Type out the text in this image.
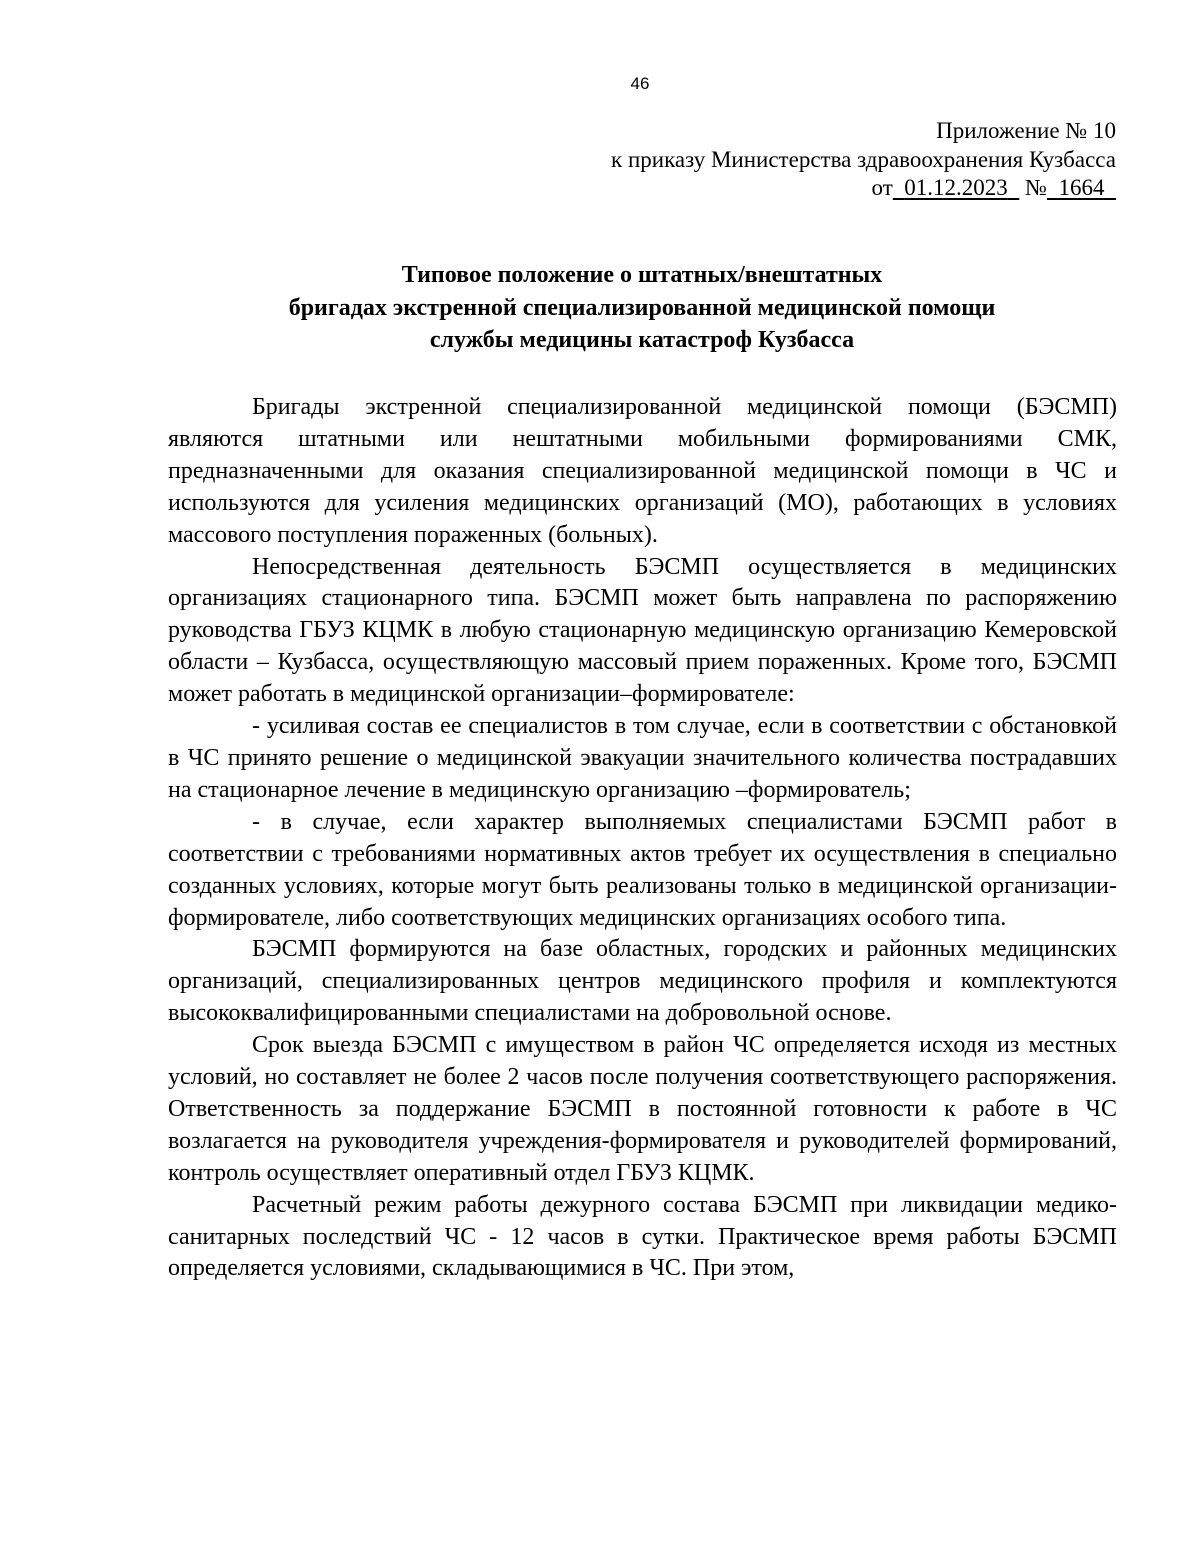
46
Приложение № 10
к приказу Министерства здравоохранения Кузбасса
от 01.12.2023 № 1664
Типовое положение о штатных/внештатных
бригадах экстренной специализированной медицинской помощи
службы медицины катастроф Кузбасса

Бригады экстренной специализированной медицинской помощи (БЭСМП) являются штатными или нештатными мобильными формированиями СМК, предназначенными для оказания специализированной медицинской помощи в ЧС и используются для усиления медицинских организаций (МО), работающих в условиях массового поступления пораженных (больных).

Непосредственная деятельность БЭСМП осуществляется в медицинских организациях стационарного типа. БЭСМП может быть направлена по распоряжению руководства ГБУЗ КЦМК в любую стационарную медицинскую организацию Кемеровской области – Кузбасса, осуществляющую массовый прием пораженных. Кроме того, БЭСМП может работать в медицинской организации–формирователе:

- усиливая состав ее специалистов в том случае, если в соответствии с обстановкой в ЧС принято решение о медицинской эвакуации значительного количества пострадавших на стационарное лечение в медицинскую организацию –формирователь;

- в случае, если характер выполняемых специалистами БЭСМП работ в соответствии с требованиями нормативных актов требует их осуществления в специально созданных условиях, которые могут быть реализованы только в медицинской организации-формирователе, либо соответствующих медицинских организациях особого типа.

БЭСМП формируются на базе областных, городских и районных медицинских организаций, специализированных центров медицинского профиля и комплектуются высококвалифицированными специалистами на добровольной основе.

Срок выезда БЭСМП с имуществом в район ЧС определяется исходя из местных условий, но составляет не более 2 часов после получения соответствующего распоряжения. Ответственность за поддержание БЭСМП в постоянной готовности к работе в ЧС возлагается на руководителя учреждения-формирователя и руководителей формирований, контроль осуществляет оперативный отдел ГБУЗ КЦМК.

Расчетный режим работы дежурного состава БЭСМП при ликвидации медико-санитарных последствий ЧС - 12 часов в сутки. Практическое время работы БЭСМП определяется условиями, складывающимися в ЧС. При этом,
